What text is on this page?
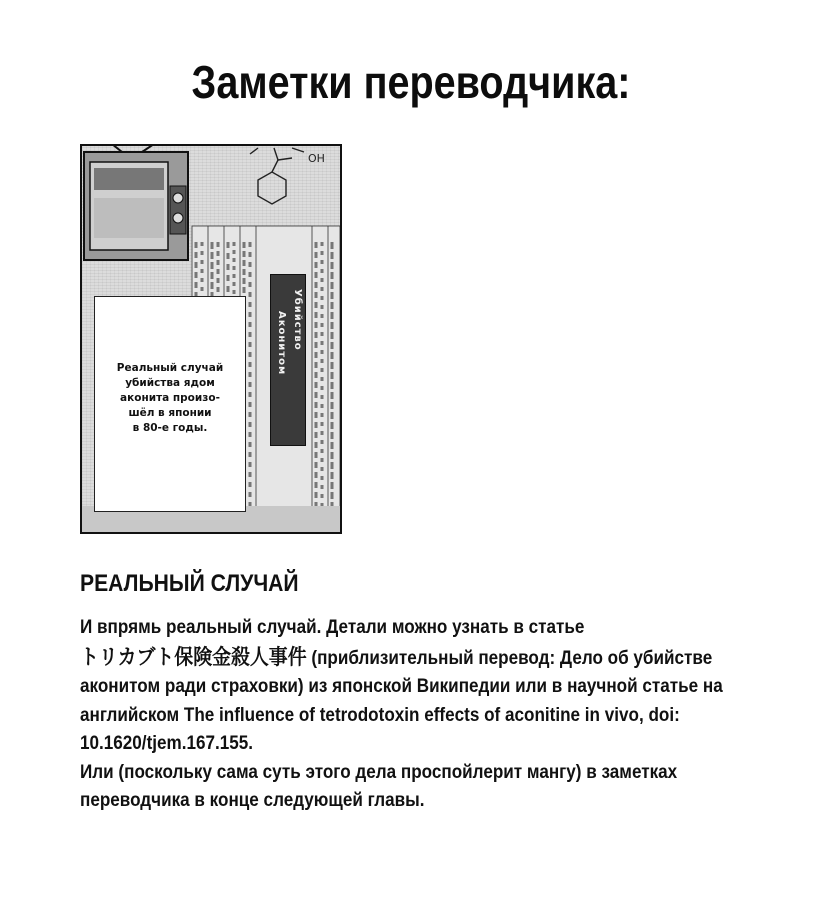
Заметки переводчика:
OH
Аконитом Убийство
Реальный случай
убийства ядом
аконита произо-
шёл в японии
в 80-е годы.
РЕАЛЬНЫЙ СЛУЧАЙ

И впрямь реальный случай. Детали можно узнать в статье

トリカブト保険金殺人事件 (приблизительный перевод: Дело об убийстве

аконитом ради страховки) из японской Википедии или в научной статье на

английском The influence of tetrodotoxin effects of aconitine in vivo, doi:

10.1620/tjem.167.155.

Или (поскольку сама суть этого дела проспойлерит мангу) в заметках

переводчика в конце следующей главы.
